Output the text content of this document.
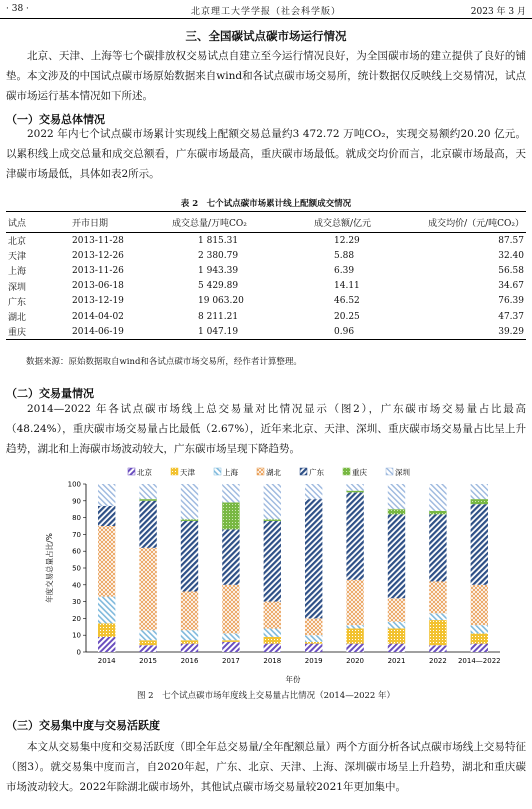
· 38 ·	北京理工大学学报（社会科学版）	2023 年 3 月
三、全国碳试点碳市场运行情况
北京、天津、上海等七个碳排放权交易试点自建立至今运行情况良好，为全国碳市场的建立提供了良好的铺垫。本文涉及的中国试点碳市场原始数据来自wind和各试点碳市场交易所，统计数据仅反映线上交易情况，试点碳市场运行基本情况如下所述。
（一）交易总体情况
2022 年内七个试点碳市场累计实现线上配额交易总量约3 472.72 万吨CO₂，实现交易额约20.20 亿元。以累积线上成交总量和成交总额看，广东碳市场最高，重庆碳市场最低。就成交均价而言，北京碳市场最高，天津碳市场最低，具体如表2所示。
表 2　七个试点碳市场累计线上配额成交情况
试点	开市日期	成交总量/万吨CO₂	成交总额/亿元	成交均价/（元/吨CO₂）
北京	2013-11-28	1 815.31	12.29	87.57
天津	2013-12-26	2 380.79	5.88	32.40
上海	2013-11-26	1 943.39	6.39	56.58
深圳	2013-06-18	5 429.89	14.11	34.67
广东	2013-12-19	19 063.20	46.52	76.39
湖北	2014-04-02	8 211.21	20.25	47.37
重庆	2014-06-19	1 047.19	0.96	39.29
数据来源：原始数据取自wind和各试点碳市场交易所，经作者计算整理。
（二）交易量情况
2014—2022 年各试点碳市场线上总交易量对比情况显示（图2），广东碳市场交易量占比最高（48.24%），重庆碳市场交易量占比最低（2.67%），近年来北京、天津、深圳、重庆碳市场交易量占比呈上升趋势，湖北和上海碳市场波动较大，广东碳市场呈现下降趋势。
北京	天津	上海	湖北	广东	重庆	深圳
0
10
20
30
40
50
60
70
80
90
100
年度交易总量占比/%
年份
2014	2015	2016	2017	2018	2019	2020	2021	2022 2014—2022
图 2　七个试点碳市场年度线上交易量占比情况（2014—2022 年）
（三）交易集中度与交易活跃度
本文从交易集中度和交易活跃度（即全年总交易量/全年配额总量）两个方面分析各试点碳市场线上交易特征（图3）。就交易集中度而言，自2020年起，广东、北京、天津、上海、深圳碳市场呈上升趋势，湖北和重庆碳市场波动较大。2022年除湖北碳市场外，其他试点碳市场交易量较2021年更加集中。
